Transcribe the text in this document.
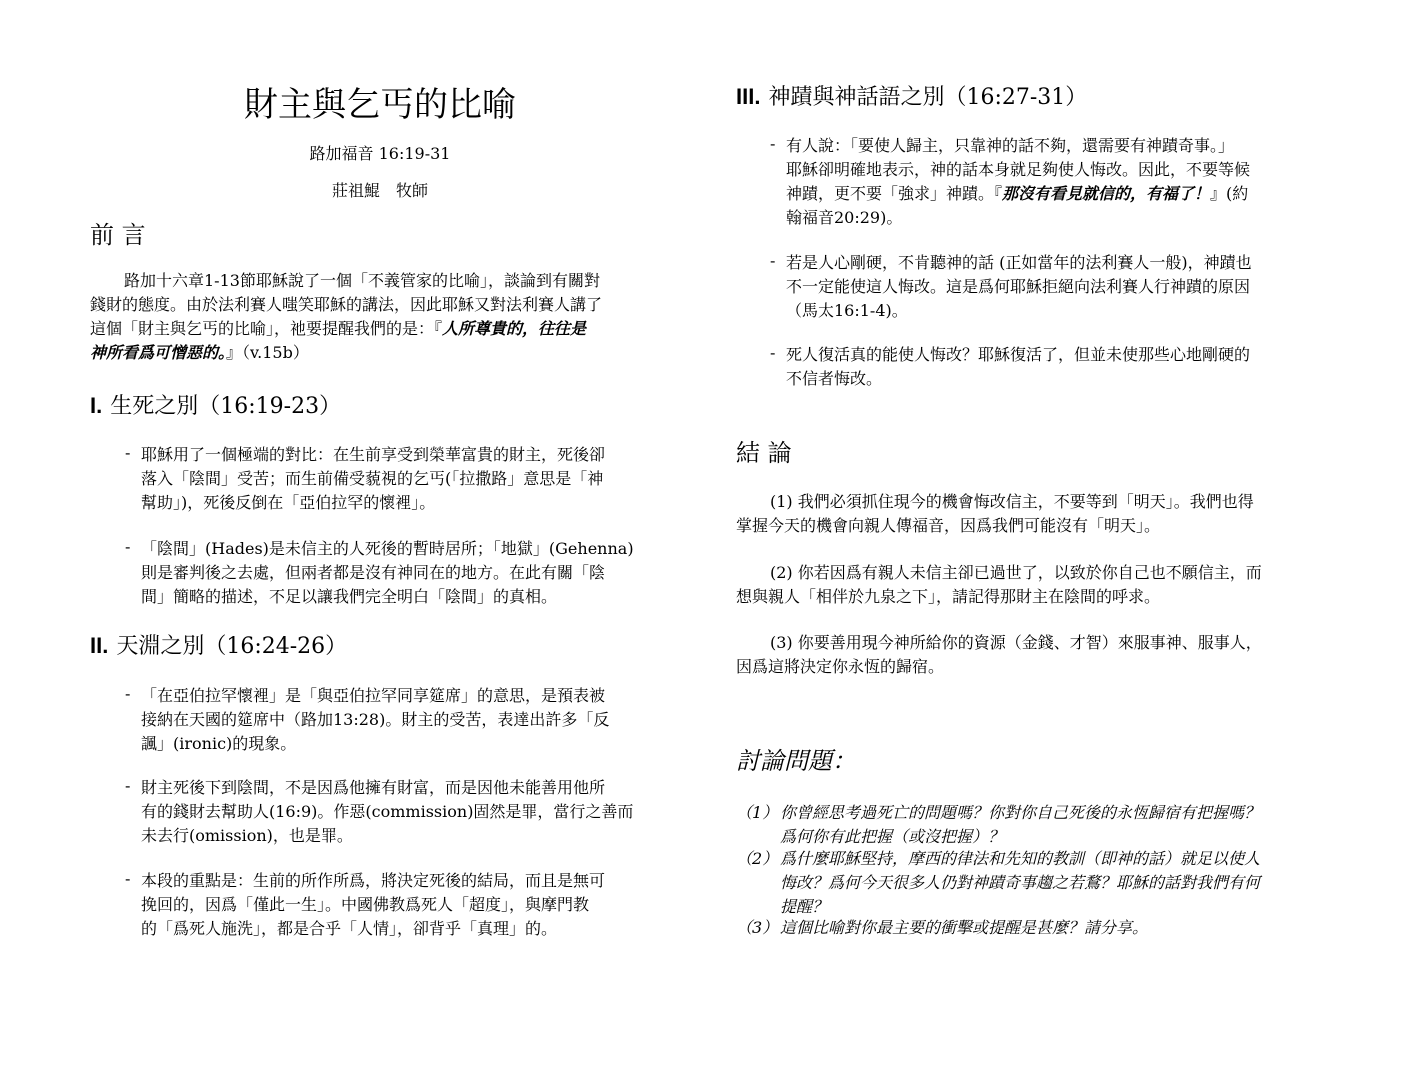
財主與乞丐的比喻
路加福音 16:19-31
莊祖鯤　牧師
前 言
路加十六章1-13節耶穌說了一個「不義管家的比喻」，談論到有關對
錢財的態度。由於法利賽人嗤笑耶穌的講法，因此耶穌又對法利賽人講了
這個「財主與乞丐的比喻」，祂要提醒我們的是：『人所尊貴的，往往是
神所看爲可憎惡的。』（v.15b）
I. 生死之別（16:19-23）
- 耶穌用了一個極端的對比：在生前享受到榮華富貴的財主，死後卻
落入「陰間」受苦；而生前備受藐視的乞丐(「拉撒路」意思是「神
幫助」)，死後反倒在「亞伯拉罕的懷裡」。
- 「陰間」(Hades)是未信主的人死後的暫時居所；「地獄」(Gehenna)
則是審判後之去處，但兩者都是沒有神同在的地方。在此有關「陰
間」簡略的描述，不足以讓我們完全明白「陰間」的真相。
II. 天淵之別（16:24-26）
- 「在亞伯拉罕懷裡」是「與亞伯拉罕同享筵席」的意思，是預表被
接納在天國的筵席中（路加13:28)。財主的受苦，表達出許多「反
諷」(ironic)的現象。
- 財主死後下到陰間，不是因爲他擁有財富，而是因他未能善用他所
有的錢財去幫助人(16:9)。作惡(commission)固然是罪，當行之善而
未去行(omission)，也是罪。
- 本段的重點是：生前的所作所爲，將決定死後的結局，而且是無可
挽回的，因爲「僅此一生」。中國佛教爲死人「超度」，與摩門教
的「爲死人施洗」，都是合乎「人情」，卻背乎「真理」的。
III. 神蹟與神話語之別（16:27-31）
- 有人說：「要使人歸主，只靠神的話不夠，還需要有神蹟奇事。」
耶穌卻明確地表示，神的話本身就足夠使人悔改。因此，不要等候
神蹟，更不要「強求」神蹟。『那沒有看見就信的，有福了！』(約
翰福音20:29)。
- 若是人心剛硬，不肯聽神的話 (正如當年的法利賽人一般)，神蹟也
不一定能使這人悔改。這是爲何耶穌拒絕向法利賽人行神蹟的原因
（馬太16:1-4)。
- 死人復活真的能使人悔改？耶穌復活了，但並未使那些心地剛硬的
不信者悔改。
結 論
(1) 我們必須抓住現今的機會悔改信主，不要等到「明天」。我們也得
掌握今天的機會向親人傳福音，因爲我們可能沒有「明天」。
(2) 你若因爲有親人未信主卻已過世了，以致於你自己也不願信主，而
想與親人「相伴於九泉之下」，請記得那財主在陰間的呼求。
(3) 你要善用現今神所給你的資源（金錢、才智）來服事神、服事人，
因爲這將決定你永恆的歸宿。
討論問題：
（1） 你曾經思考過死亡的問題嗎？你對你自己死後的永恆歸宿有把握嗎？
爲何你有此把握（或沒把握）？
（2） 爲什麼耶穌堅持，摩西的律法和先知的教訓（即神的話）就足以使人
悔改？爲何今天很多人仍對神蹟奇事趨之若鶩？耶穌的話對我們有何
提醒？
（3） 這個比喻對你最主要的衝擊或提醒是甚麼？請分享。
